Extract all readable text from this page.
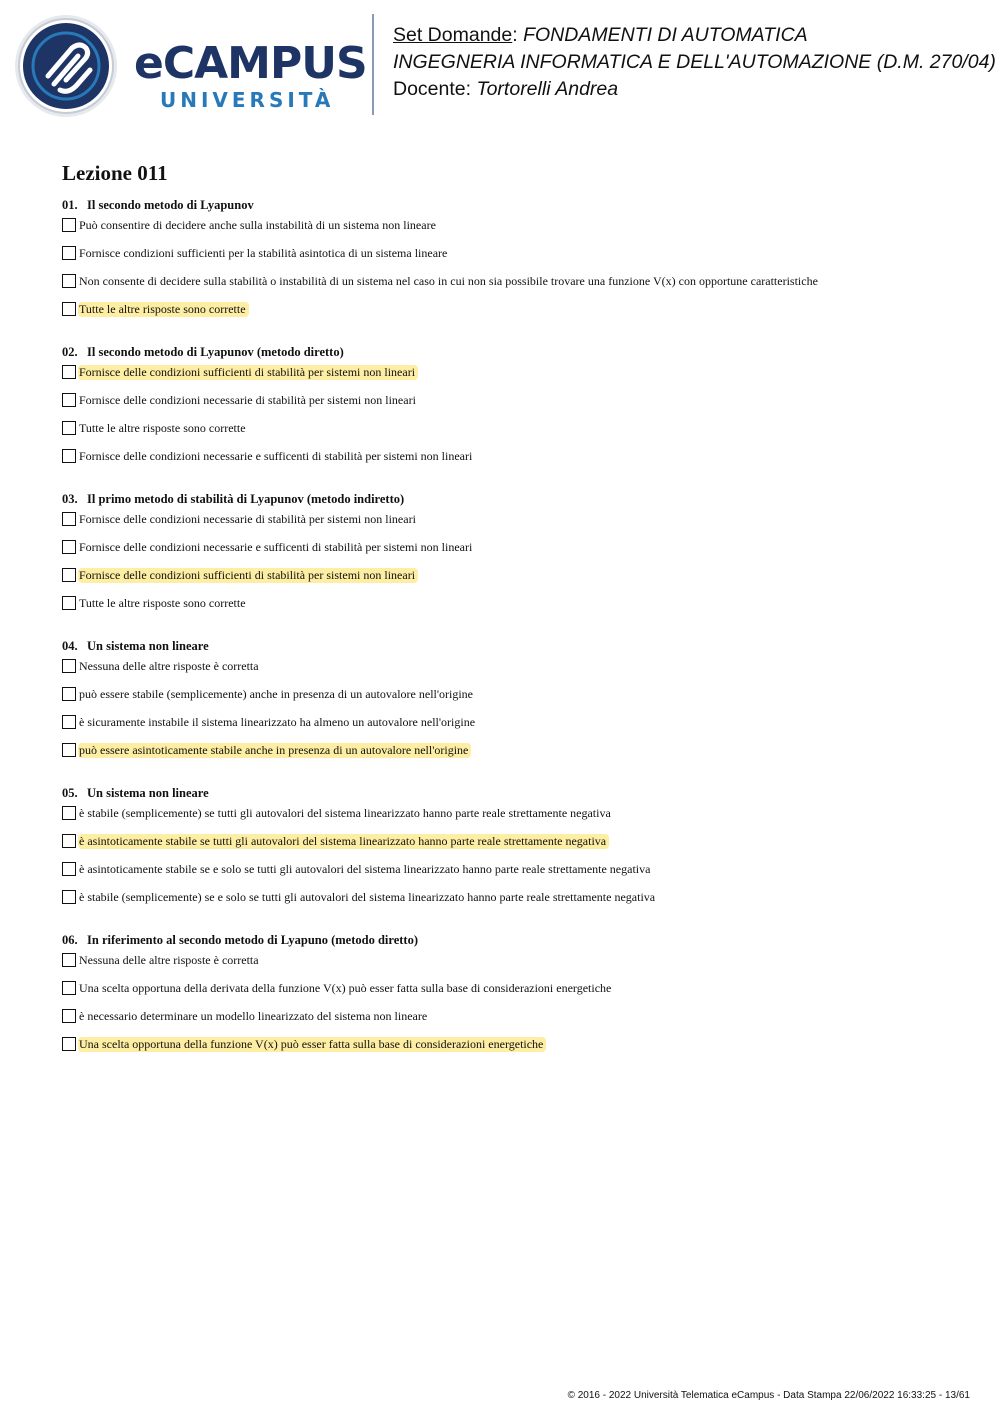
eCAMPUS
UNIVERSITÀ
Set Domande: FONDAMENTI DI AUTOMATICA
INGEGNERIA INFORMATICA E DELL'AUTOMAZIONE (D.M. 270/04)
Docente: Tortorelli Andrea
Lezione 011
01. Il secondo metodo di Lyapunov
Può consentire di decidere anche sulla instabilità di un sistema non lineare
Fornisce condizioni sufficienti per la stabilità asintotica di un sistema lineare
Non consente di decidere sulla stabilità o instabilità di un sistema nel caso in cui non sia possibile trovare una funzione V(x) con opportune caratteristiche
Tutte le altre risposte sono corrette
02. Il secondo metodo di Lyapunov (metodo diretto)
Fornisce delle condizioni sufficienti di stabilità per sistemi non lineari
Fornisce delle condizioni necessarie di stabilità per sistemi non lineari
Tutte le altre risposte sono corrette
Fornisce delle condizioni necessarie e sufficenti di stabilità per sistemi non lineari
03. Il primo metodo di stabilità di Lyapunov (metodo indiretto)
Fornisce delle condizioni necessarie di stabilità per sistemi non lineari
Fornisce delle condizioni necessarie e sufficenti di stabilità per sistemi non lineari
Fornisce delle condizioni sufficienti di stabilità per sistemi non lineari
Tutte le altre risposte sono corrette
04. Un sistema non lineare
Nessuna delle altre risposte è corretta
può essere stabile (semplicemente) anche in presenza di un autovalore nell'origine
è sicuramente instabile il sistema linearizzato ha almeno un autovalore nell'origine
può essere asintoticamente stabile anche in presenza di un autovalore nell'origine
05. Un sistema non lineare
è stabile (semplicemente) se tutti gli autovalori del sistema linearizzato hanno parte reale strettamente negativa
è asintoticamente stabile se tutti gli autovalori del sistema linearizzato hanno parte reale strettamente negativa
è asintoticamente stabile se e solo se tutti gli autovalori del sistema linearizzato hanno parte reale strettamente negativa
è stabile (semplicemente) se e solo se tutti gli autovalori del sistema linearizzato hanno parte reale strettamente negativa
06. In riferimento al secondo metodo di Lyapuno (metodo diretto)
Nessuna delle altre risposte è corretta
Una scelta opportuna della derivata della funzione V(x) può esser fatta sulla base di considerazioni energetiche
è necessario determinare un modello linearizzato del sistema non lineare
Una scelta opportuna della funzione V(x) può esser fatta sulla base di considerazioni energetiche
© 2016 - 2022 Università Telematica eCampus - Data Stampa 22/06/2022 16:33:25 - 13/61
